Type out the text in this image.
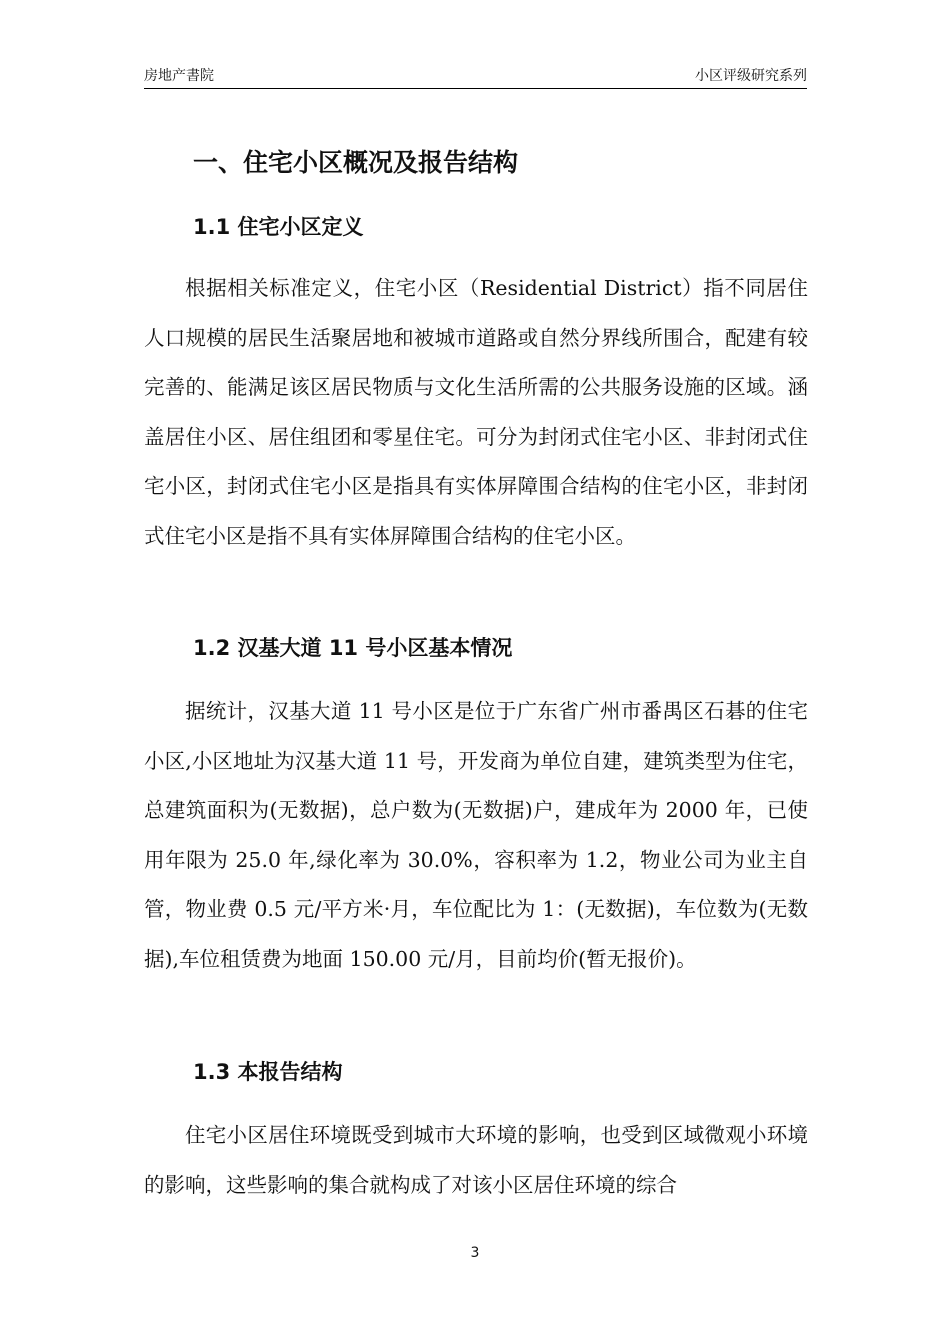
房地产書院	小区评级研究系列
一、住宅小区概况及报告结构
1.1 住宅小区定义

根据相关标准定义，住宅小区（Residential District）指不同居住人口规模的居民生活聚居地和被城市道路或自然分界线所围合，配建有较完善的、能满足该区居民物质与文化生活所需的公共服务设施的区域。涵盖居住小区、居住组团和零星住宅。可分为封闭式住宅小区、非封闭式住宅小区，封闭式住宅小区是指具有实体屏障围合结构的住宅小区，非封闭式住宅小区是指不具有实体屏障围合结构的住宅小区。

1.2 汉基大道 11 号小区基本情况

据统计，汉基大道 11 号小区是位于广东省广州市番禺区石碁的住宅小区,小区地址为汉基大道 11 号，开发商为单位自建，建筑类型为住宅，总建筑面积为(无数据)，总户数为(无数据)户，建成年为 2000 年，已使用年限为 25.0 年,绿化率为 30.0%，容积率为 1.2，物业公司为业主自管，物业费 0.5 元/平方米·月，车位配比为 1：(无数据)，车位数为(无数据),车位租赁费为地面 150.00 元/月，目前均价(暂无报价)。

1.3 本报告结构

住宅小区居住环境既受到城市大环境的影响，也受到区域微观小环境的影响，这些影响的集合就构成了对该小区居住环境的综合

3
